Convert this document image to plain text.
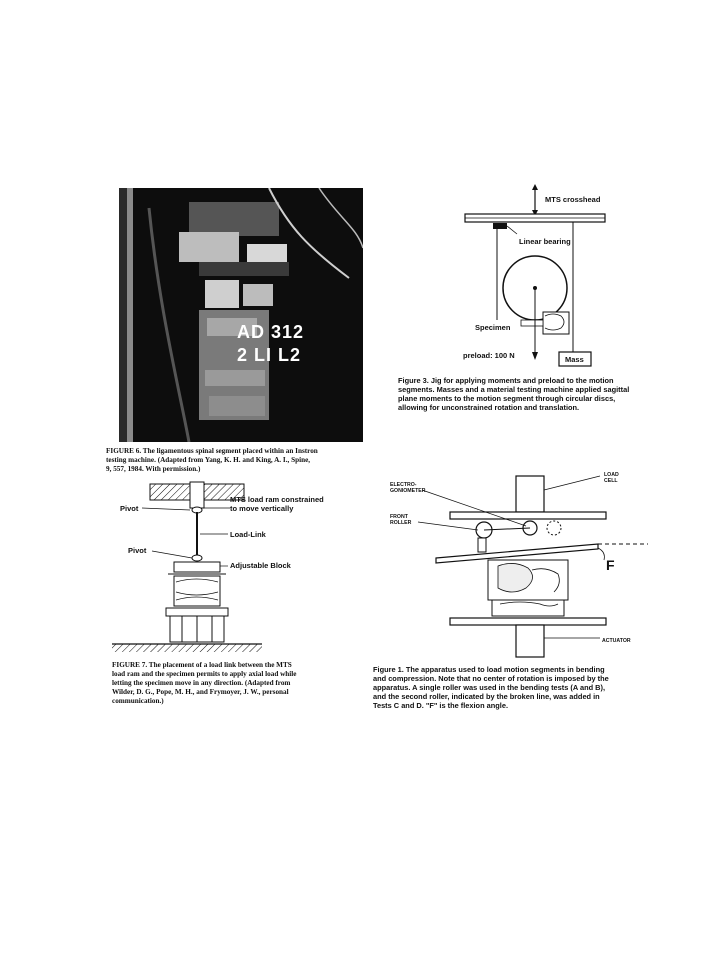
AD 312
2 LI L2
FIGURE 6. The ligamentous spinal segment placed within an Instron
testing machine. (Adapted from Yang, K. H. and King, A. I., Spine,
9, 557, 1984. With permission.)
MTS crosshead
Linear bearing
Specimen
preload: 100 N	Mass
Figure 3. Jig for applying moments and preload to the motion
segments. Masses and a material testing machine applied sagittal
plane moments to the motion segment through circular discs,
allowing for unconstrained rotation and translation.
Pivot
MTS load ram constrained
to move vertically
Load-Link
Pivot
Adjustable Block
FIGURE 7. The placement of a load link between the MTS
load ram and the specimen permits to apply axial load while
letting the specimen move in any direction. (Adapted from
Wilder, D. G., Pope, M. H., and Frymoyer, J. W., personal
communication.)
LOAD
CELL
ELECTRO-
GONIOMETER
FRONT
ROLLER
F
ACTUATOR
Figure 1. The apparatus used to load motion segments in bending
and compression. Note that no center of rotation is imposed by the
apparatus. A single roller was used in the bending tests (A and B),
and the second roller, indicated by the broken line, was added in
Tests C and D. "F" is the flexion angle.
